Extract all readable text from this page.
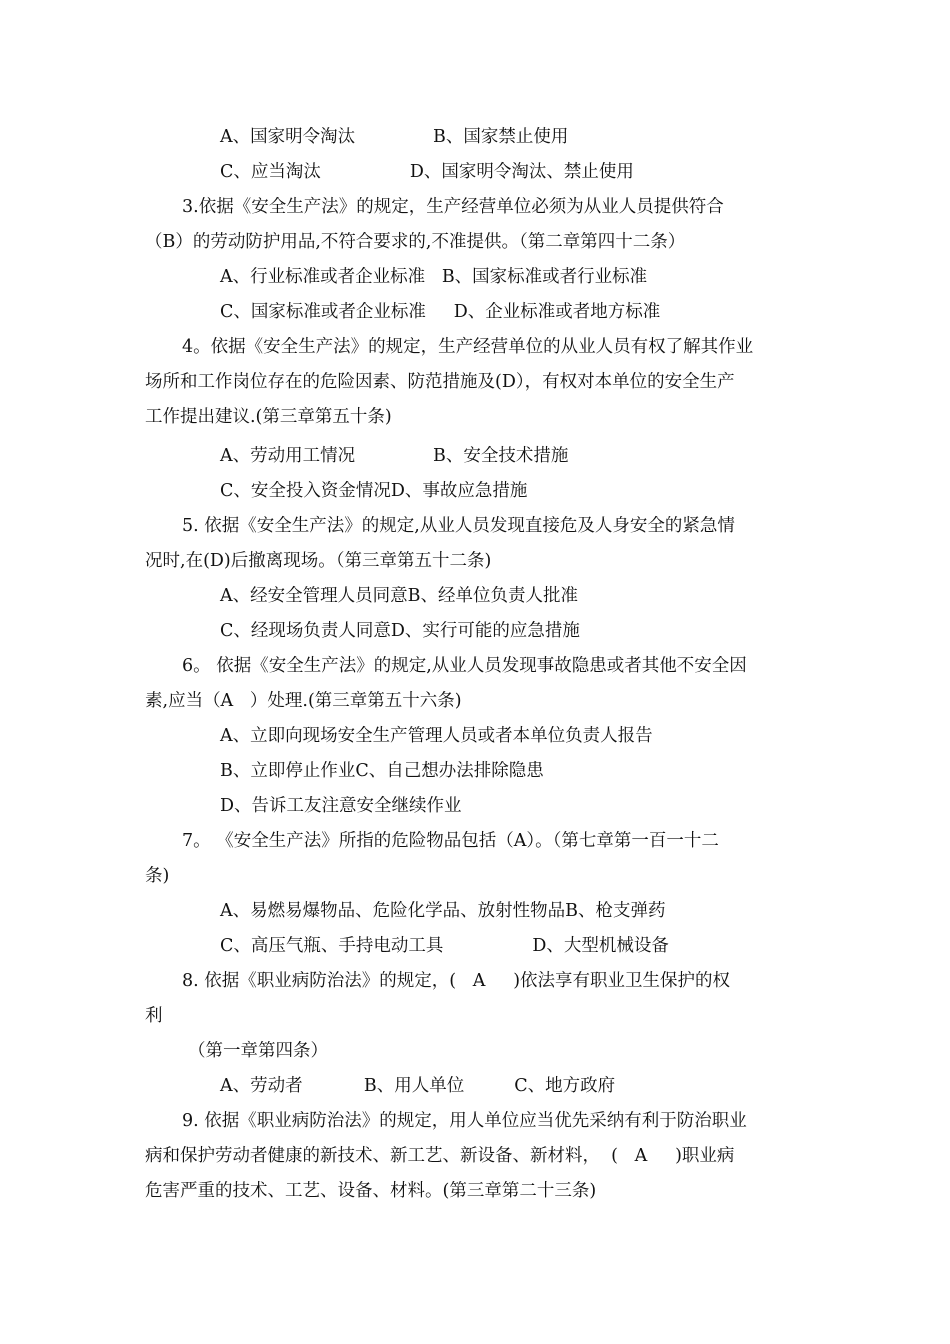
A、国家明令淘汰              B、国家禁止使用
C、应当淘汰                D、国家明令淘汰、禁止使用
3.依据《安全生产法》的规定，生产经营单位必须为从业人员提供符合
（B）的劳动防护用品,不符合要求的,不准提供。（第二章第四十二条）
A、行业标准或者企业标准   B、国家标准或者行业标准
C、国家标准或者企业标准     D、企业标准或者地方标准
4。依据《安全生产法》的规定，生产经营单位的从业人员有权了解其作业
场所和工作岗位存在的危险因素、防范措施及(D），有权对本单位的安全生产
工作提出建议.(第三章第五十条)
A、劳动用工情况              B、安全技术措施
C、安全投入资金情况D、事故应急措施
5. 依据《安全生产法》的规定,从业人员发现直接危及人身安全的紧急情
况时,在(D)后撤离现场。（第三章第五十二条)
A、经安全管理人员同意B、经单位负责人批准
C、经现场负责人同意D、实行可能的应急措施
6。 依据《安全生产法》的规定,从业人员发现事故隐患或者其他不安全因
素,应当（A   ）处理.(第三章第五十六条)
A、立即向现场安全生产管理人员或者本单位负责人报告
B、立即停止作业C、自己想办法排除隐患
D、告诉工友注意安全继续作业
7。 《安全生产法》所指的危险物品包括（A）。（第七章第一百一十二
条)
A、易燃易爆物品、危险化学品、放射性物品B、枪支弹药
C、高压气瓶、手持电动工具                D、大型机械设备
8. 依据《职业病防治法》的规定，(   A     )依法享有职业卫生保护的权
利
（第一章第四条）
A、劳动者           B、用人单位         C、地方政府
9. 依据《职业病防治法》的规定，用人单位应当优先采纳有利于防治职业
病和保护劳动者健康的新技术、新工艺、新设备、新材料，  (   A     )职业病
危害严重的技术、工艺、设备、材料。(第三章第二十三条)
